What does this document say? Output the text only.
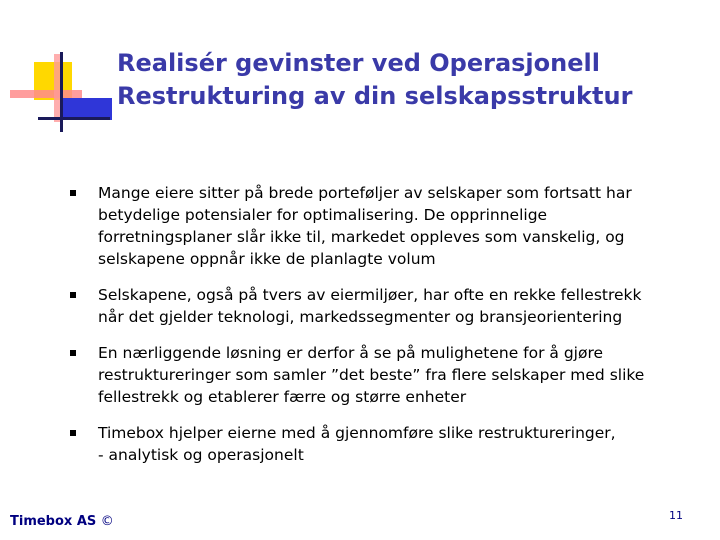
Realisér gevinster ved Operasjonell Restrukturing av din selskapsstruktur
Mange eiere sitter på brede porteføljer av selskaper som fortsatt har
betydelige potensialer for optimalisering. De opprinnelige
forretningsplaner slår ikke til, markedet oppleves som vanskelig, og
selskapene oppnår ikke de planlagte volum
Selskapene, også på tvers av eiermiljøer, har ofte en rekke fellestrekk
når det gjelder teknologi, markedssegmenter og bransjeorientering
En nærliggende løsning er derfor å se på mulighetene for å gjøre
restruktureringer som samler ”det beste” fra flere selskaper med slike
fellestrekk og etablerer færre og større enheter
Timebox hjelper eierne med å gjennomføre slike restruktureringer,
- analytisk og operasjonelt
Timebox AS ©	11
